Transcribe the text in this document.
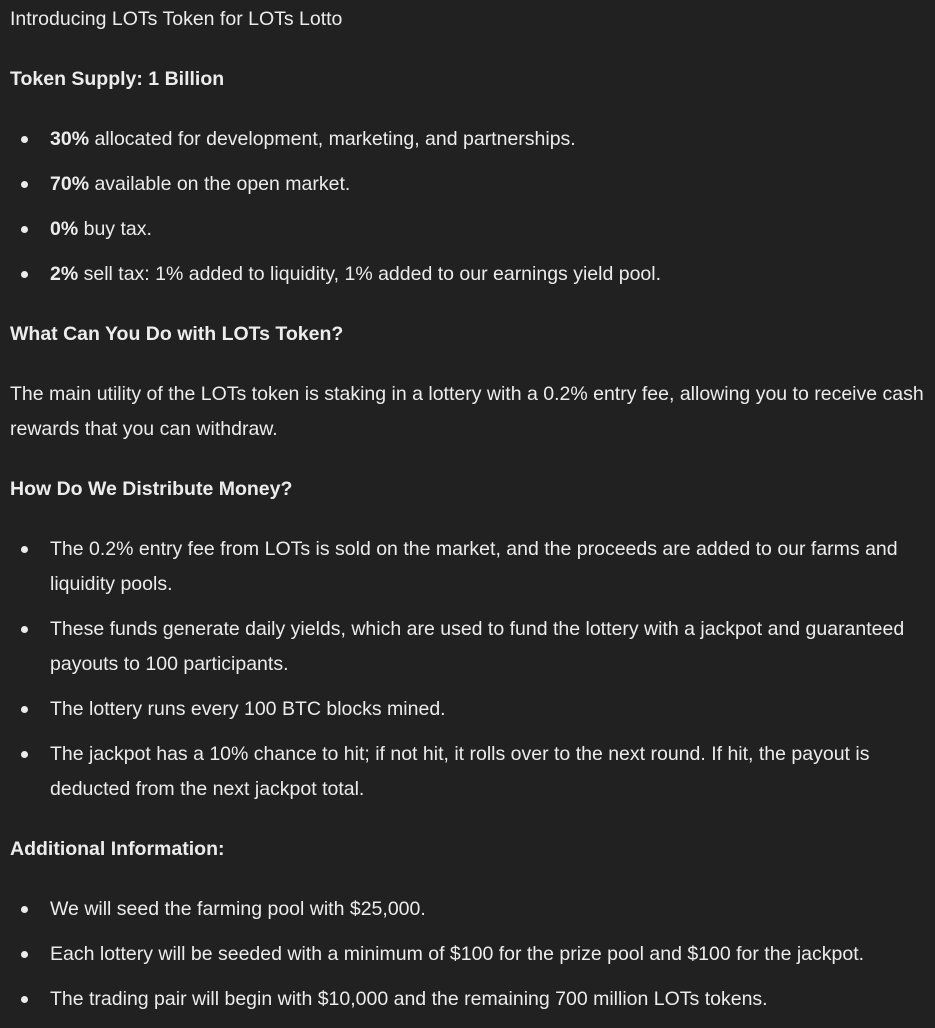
Introducing LOTs Token for LOTs Lotto

Token Supply: 1 Billion

30% allocated for development, marketing, and partnerships.
70% available on the open market.
0% buy tax.
2% sell tax: 1% added to liquidity, 1% added to our earnings yield pool.

What Can You Do with LOTs Token?

The main utility of the LOTs token is staking in a lottery with a 0.2% entry fee, allowing you to receive cash rewards that you can withdraw.

How Do We Distribute Money?

The 0.2% entry fee from LOTs is sold on the market, and the proceeds are added to our farms and liquidity pools.
These funds generate daily yields, which are used to fund the lottery with a jackpot and guaranteed payouts to 100 participants.
The lottery runs every 100 BTC blocks mined.
The jackpot has a 10% chance to hit; if not hit, it rolls over to the next round. If hit, the payout is deducted from the next jackpot total.

Additional Information:

We will seed the farming pool with $25,000.
Each lottery will be seeded with a minimum of $100 for the prize pool and $100 for the jackpot.
The trading pair will begin with $10,000 and the remaining 700 million LOTs tokens.
